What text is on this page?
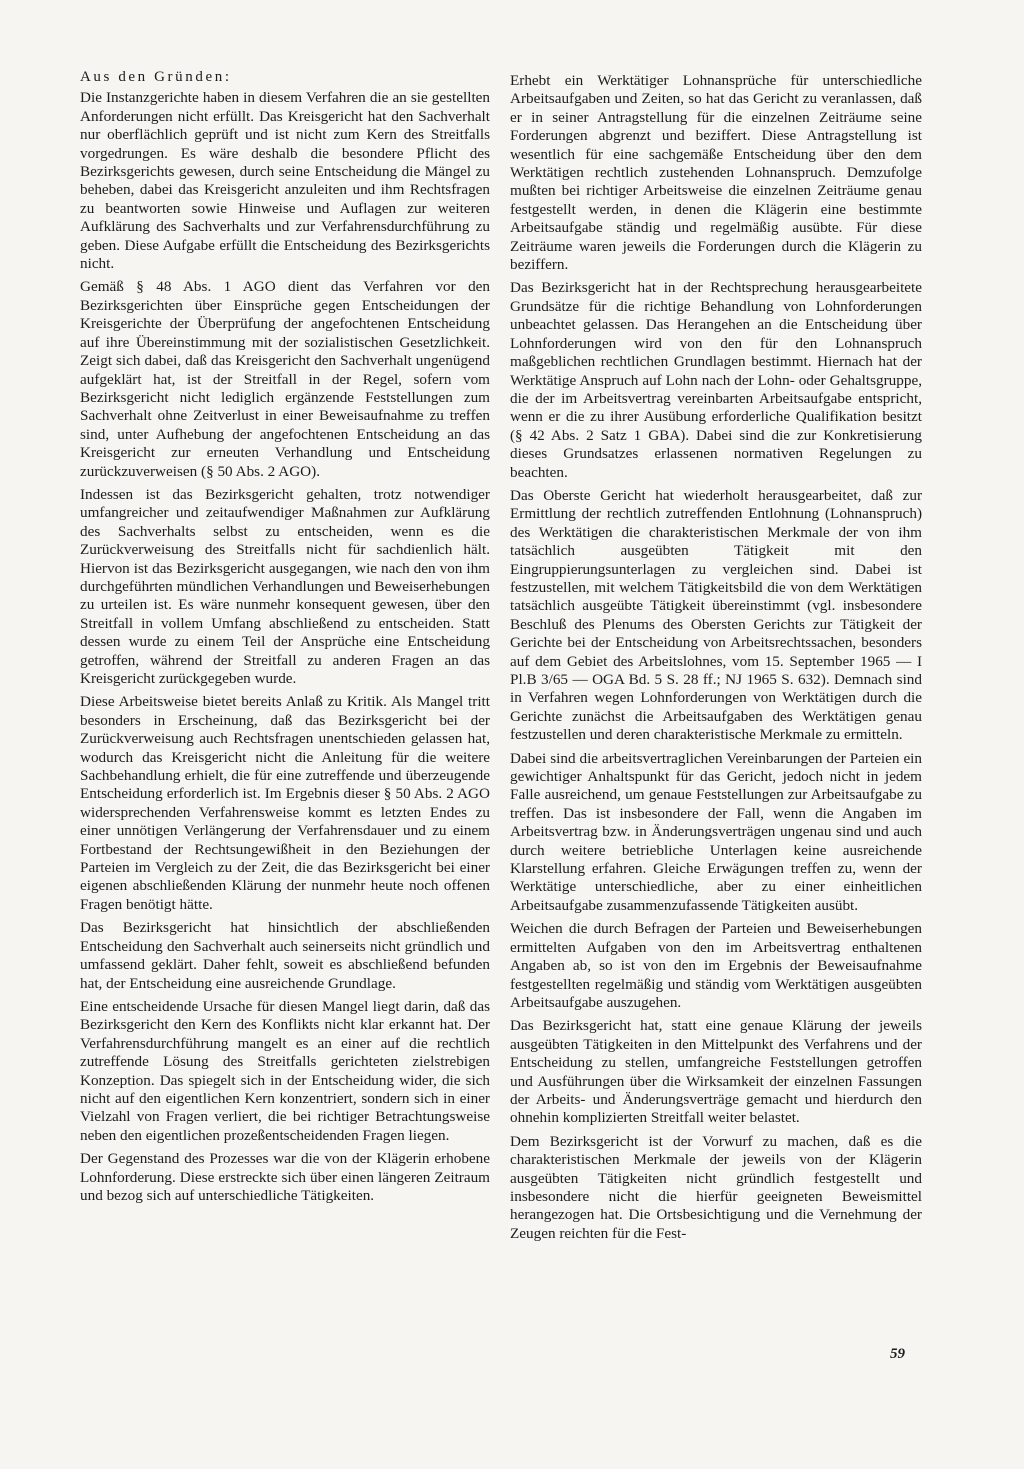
Aus den Gründen:

Die Instanzgerichte haben in diesem Verfahren die an sie gestellten Anforderungen nicht erfüllt. Das Kreisgericht hat den Sachverhalt nur oberflächlich geprüft und ist nicht zum Kern des Streitfalls vorgedrungen. Es wäre deshalb die besondere Pflicht des Bezirksgerichts gewesen, durch seine Entscheidung die Mängel zu beheben, dabei das Kreisgericht anzuleiten und ihm Rechtsfragen zu beantworten sowie Hinweise und Auflagen zur weiteren Aufklärung des Sachverhalts und zur Verfahrensdurchführung zu geben. Diese Aufgabe erfüllt die Entscheidung des Bezirksgerichts nicht.

Gemäß § 48 Abs. 1 AGO dient das Verfahren vor den Bezirksgerichten über Einsprüche gegen Entscheidungen der Kreisgerichte der Überprüfung der angefochtenen Entscheidung auf ihre Übereinstimmung mit der sozialistischen Gesetzlichkeit. Zeigt sich dabei, daß das Kreisgericht den Sachverhalt ungenügend aufgeklärt hat, ist der Streitfall in der Regel, sofern vom Bezirksgericht nicht lediglich ergänzende Feststellungen zum Sachverhalt ohne Zeitverlust in einer Beweisaufnahme zu treffen sind, unter Aufhebung der angefochtenen Entscheidung an das Kreisgericht zur erneuten Verhandlung und Entscheidung zurückzuverweisen (§ 50 Abs. 2 AGO).

Indessen ist das Bezirksgericht gehalten, trotz notwendiger umfangreicher und zeitaufwendiger Maßnahmen zur Aufklärung des Sachverhalts selbst zu entscheiden, wenn es die Zurückverweisung des Streitfalls nicht für sachdienlich hält. Hiervon ist das Bezirksgericht ausgegangen, wie nach den von ihm durchgeführten mündlichen Verhandlungen und Beweiserhebungen zu urteilen ist. Es wäre nunmehr konsequent gewesen, über den Streitfall in vollem Umfang abschließend zu entscheiden. Statt dessen wurde zu einem Teil der Ansprüche eine Entscheidung getroffen, während der Streitfall zu anderen Fragen an das Kreisgericht zurückgegeben wurde.

Diese Arbeitsweise bietet bereits Anlaß zu Kritik. Als Mangel tritt besonders in Erscheinung, daß das Bezirksgericht bei der Zurückverweisung auch Rechtsfragen unentschieden gelassen hat, wodurch das Kreisgericht nicht die Anleitung für die weitere Sachbehandlung erhielt, die für eine zutreffende und überzeugende Entscheidung erforderlich ist. Im Ergebnis dieser § 50 Abs. 2 AGO widersprechenden Verfahrensweise kommt es letzten Endes zu einer unnötigen Verlängerung der Verfahrensdauer und zu einem Fortbestand der Rechtsungewißheit in den Beziehungen der Parteien im Vergleich zu der Zeit, die das Bezirksgericht bei einer eigenen abschließenden Klärung der nunmehr heute noch offenen Fragen benötigt hätte.

Das Bezirksgericht hat hinsichtlich der abschließenden Entscheidung den Sachverhalt auch seinerseits nicht gründlich und umfassend geklärt. Daher fehlt, soweit es abschließend befunden hat, der Entscheidung eine ausreichende Grundlage.

Eine entscheidende Ursache für diesen Mangel liegt darin, daß das Bezirksgericht den Kern des Konflikts nicht klar erkannt hat. Der Verfahrensdurchführung mangelt es an einer auf die rechtlich zutreffende Lösung des Streitfalls gerichteten zielstrebigen Konzeption. Das spiegelt sich in der Entscheidung wider, die sich nicht auf den eigentlichen Kern konzentriert, sondern sich in einer Vielzahl von Fragen verliert, die bei richtiger Betrachtungsweise neben den eigentlichen prozeßentscheidenden Fragen liegen.

Der Gegenstand des Prozesses war die von der Klägerin erhobene Lohnforderung. Diese erstreckte sich über einen längeren Zeitraum und bezog sich auf unterschiedliche Tätigkeiten.

Erhebt ein Werktätiger Lohnansprüche für unterschiedliche Arbeitsaufgaben und Zeiten, so hat das Gericht zu veranlassen, daß er in seiner Antragstellung für die einzelnen Zeiträume seine Forderungen abgrenzt und beziffert. Diese Antragstellung ist wesentlich für eine sachgemäße Entscheidung über den dem Werktätigen rechtlich zustehenden Lohnanspruch. Demzufolge mußten bei richtiger Arbeitsweise die einzelnen Zeiträume genau festgestellt werden, in denen die Klägerin eine bestimmte Arbeitsaufgabe ständig und regelmäßig ausübte. Für diese Zeiträume waren jeweils die Forderungen durch die Klägerin zu beziffern.

Das Bezirksgericht hat in der Rechtsprechung herausgearbeitete Grundsätze für die richtige Behandlung von Lohnforderungen unbeachtet gelassen. Das Herangehen an die Entscheidung über Lohnforderungen wird von den für den Lohnanspruch maßgeblichen rechtlichen Grundlagen bestimmt. Hiernach hat der Werktätige Anspruch auf Lohn nach der Lohn- oder Gehaltsgruppe, die der im Arbeitsvertrag vereinbarten Arbeitsaufgabe entspricht, wenn er die zu ihrer Ausübung erforderliche Qualifikation besitzt (§ 42 Abs. 2 Satz 1 GBA). Dabei sind die zur Konkretisierung dieses Grundsatzes erlassenen normativen Regelungen zu beachten.

Das Oberste Gericht hat wiederholt herausgearbeitet, daß zur Ermittlung der rechtlich zutreffenden Entlohnung (Lohnanspruch) des Werktätigen die charakteristischen Merkmale der von ihm tatsächlich ausgeübten Tätigkeit mit den Eingruppierungsunterlagen zu vergleichen sind. Dabei ist festzustellen, mit welchem Tätigkeitsbild die von dem Werktätigen tatsächlich ausgeübte Tätigkeit übereinstimmt (vgl. insbesondere Beschluß des Plenums des Obersten Gerichts zur Tätigkeit der Gerichte bei der Entscheidung von Arbeitsrechtssachen, besonders auf dem Gebiet des Arbeitslohnes, vom 15. September 1965 — I Pl.B 3/65 — OGA Bd. 5 S. 28 ff.; NJ 1965 S. 632). Demnach sind in Verfahren wegen Lohnforderungen von Werktätigen durch die Gerichte zunächst die Arbeitsaufgaben des Werktätigen genau festzustellen und deren charakteristische Merkmale zu ermitteln.

Dabei sind die arbeitsvertraglichen Vereinbarungen der Parteien ein gewichtiger Anhaltspunkt für das Gericht, jedoch nicht in jedem Falle ausreichend, um genaue Feststellungen zur Arbeitsaufgabe zu treffen. Das ist insbesondere der Fall, wenn die Angaben im Arbeitsvertrag bzw. in Änderungsverträgen ungenau sind und auch durch weitere betriebliche Unterlagen keine ausreichende Klarstellung erfahren. Gleiche Erwägungen treffen zu, wenn der Werktätige unterschiedliche, aber zu einer einheitlichen Arbeitsaufgabe zusammenzufassende Tätigkeiten ausübt.

Weichen die durch Befragen der Parteien und Beweiserhebungen ermittelten Aufgaben von den im Arbeitsvertrag enthaltenen Angaben ab, so ist von den im Ergebnis der Beweisaufnahme festgestellten regelmäßig und ständig vom Werktätigen ausgeübten Arbeitsaufgabe auszugehen.

Das Bezirksgericht hat, statt eine genaue Klärung der jeweils ausgeübten Tätigkeiten in den Mittelpunkt des Verfahrens und der Entscheidung zu stellen, umfangreiche Feststellungen getroffen und Ausführungen über die Wirksamkeit der einzelnen Fassungen der Arbeits- und Änderungsverträge gemacht und hierdurch den ohnehin komplizierten Streitfall weiter belastet.

Dem Bezirksgericht ist der Vorwurf zu machen, daß es die charakteristischen Merkmale der jeweils von der Klägerin ausgeübten Tätigkeiten nicht gründlich festgestellt und insbesondere nicht die hierfür geeigneten Beweismittel herangezogen hat. Die Ortsbesichtigung und die Vernehmung der Zeugen reichten für die Fest-

59
